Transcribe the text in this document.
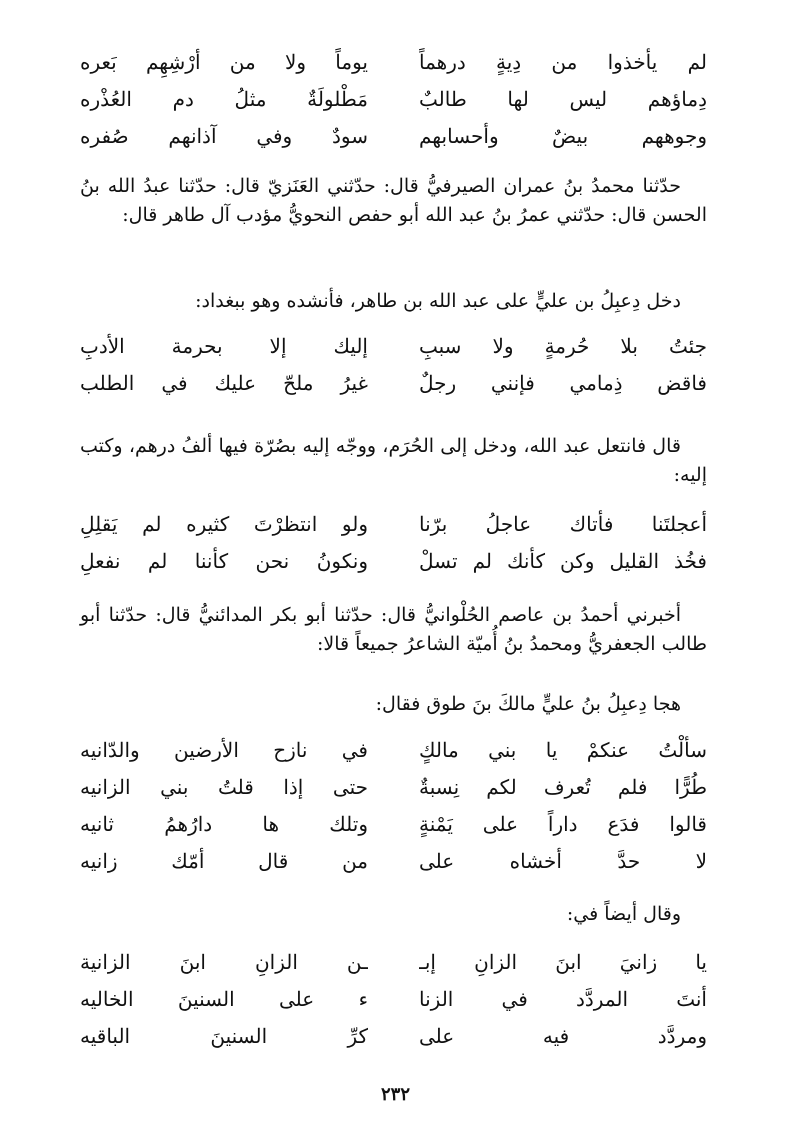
لم يأخذوا من دِيةٍ درهماً
يوماً ولا من أرْشِهِم بَعره
دِماؤهم ليس لها طالبٌ
مَطْلولَةٌ مثلُ دم العُذْره
وجوههم بيضٌ وأحسابهم
سودٌ وفي آذانهم صُفره
حدّثنا محمدُ بنُ عمران الصيرفيُّ قال: حدّثني العَنَزيّ قال: حدّثنا عبدُ الله بنُ الحسن قال: حدّثني عمرُ بنُ عبد الله أبو حفص النحويُّ مؤدب آل طاهر قال:
دخل دِعبِلُ بن عليٍّ على عبد الله بن طاهر، فأنشده وهو ببغداد:
جئتُ بلا حُرمةٍ ولا سببِ
إليك إلا بحرمة الأدبِ
فاقض ذِمامي فإنني رجلٌ
غيرُ ملحّ عليك في الطلب
قال فانتعل عبد الله، ودخل إلى الحُرَم، ووجّه إليه بصُرّة فيها ألفُ درهم، وكتب إليه:
أعجلتَنا فأتاك عاجلُ برّنا
ولو انتظرْتَ كثيره لم يَقلِلِ
فخُذ القليل وكن كأنك لم تسلْ
ونكونُ نحن كأننا لم نفعلِ
أخبرني أحمدُ بن عاصم الحُلْوانيُّ قال: حدّثنا أبو بكر المدائنيُّ قال: حدّثنا أبو طالب الجعفريُّ ومحمدُ بنُ أُميّة الشاعرُ جميعاً قالا:
هجا دِعبِلُ بنُ عليٍّ مالكَ بنَ طوق فقال:
سألْتُ عنكمْ يا بني مالكٍ
في نازح الأرضين والدّانيه
طُرًّا فلم تُعرف لكم نِسبةٌ
حتى إذا قلتُ بني الزانيه
قالوا فدَع داراً على يَمْنةٍ
وتلك ها دارُهمُ ثانيه
لا حدَّ أخشاه على
من قال أمّك زانيه
وقال أيضاً في:
يا زانيَ ابنَ الزانِ إبـ
ـن الزانِ ابنَ الزانية
أنتَ المردَّد في الزنا
ء على السنينَ الخاليه
ومردَّد فيه على
كرِّ السنينَ الباقيه
٢٣٢
